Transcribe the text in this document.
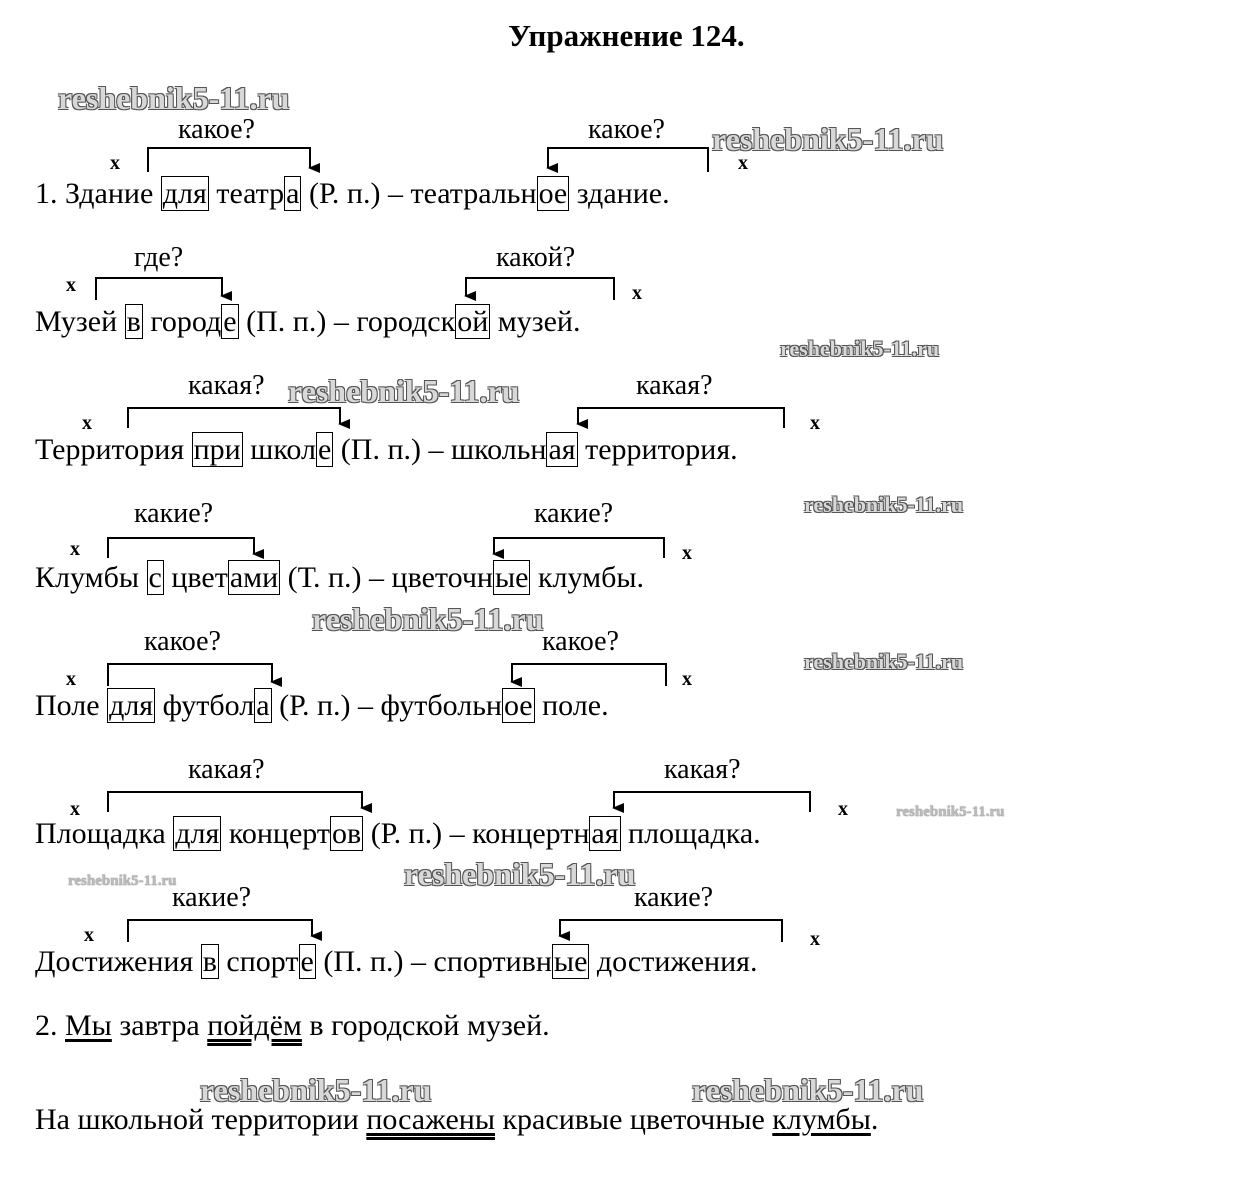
Упражнение 124.
reshebnik5-11.ru
reshebnik5-11.ru
reshebnik5-11.ru
reshebnik5-11.ru
reshebnik5-11.ru
reshebnik5-11.ru
reshebnik5-11.ru
reshebnik5-11.ru
reshebnik5-11.ru	reshebnik5-11.ru
reshebnik5-11.ru	reshebnik5-11.ru
какое?	какое?
где?	какой?
какая?	какая?
какие?	какие?
какое?	какое?
какая?	какая?
какие?	какие?
x	x
x	x
x	x
x	x
x	x
x	x
x	x
1. Здание для театра (Р. п.) – театральное здание.
Музей в городе (П. п.) – городской музей.
Территория при школе (П. п.) – школьная территория.
Клумбы с цветами (Т. п.) – цветочные клумбы.
Поле для футбола (Р. п.) – футбольное поле.
Площадка для концертов (Р. п.) – концертная площадка.
Достижения в спорте (П. п.) – спортивные достижения.
2. Мы завтра пойдём в городской музей.
На школьной территории посажены красивые цветочные клумбы.
